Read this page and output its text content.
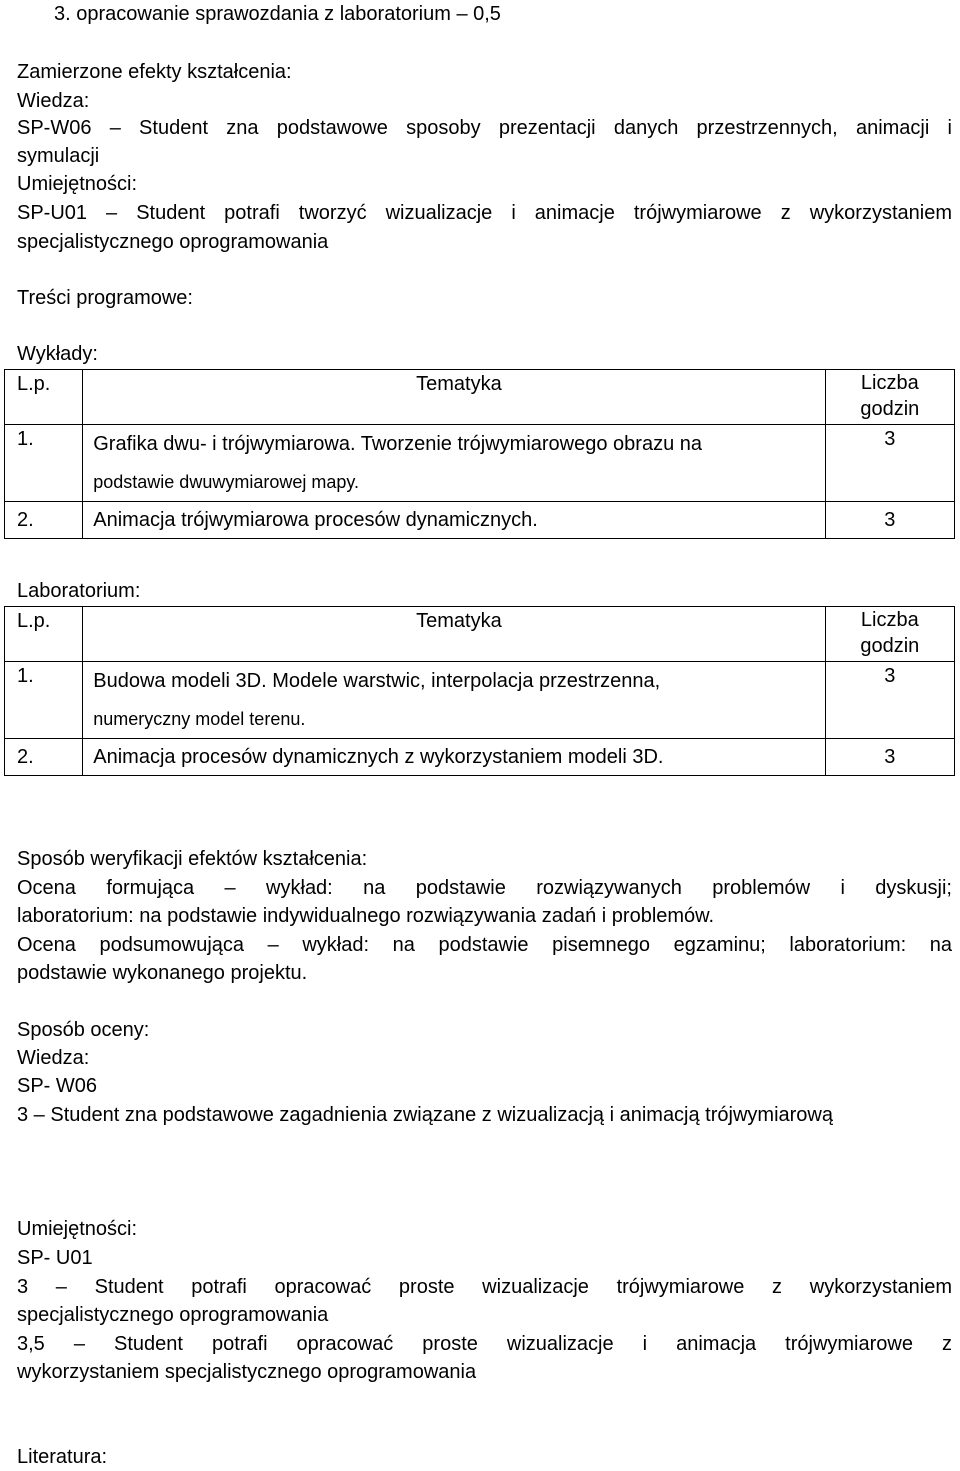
3. opracowanie sprawozdania z laboratorium – 0,5
Zamierzone efekty kształcenia:
Wiedza:
SP-W06 – Student zna podstawowe sposoby prezentacji danych przestrzennych, animacji i
symulacji
Umiejętności:
SP-U01 – Student potrafi tworzyć wizualizacje i animacje trójwymiarowe z wykorzystaniem
specjalistycznego oprogramowania
Treści programowe:
Wykłady:
L.p.	Tematyka	Liczba
godzin
1.	Grafika dwu- i trójwymiarowa. Tworzenie trójwymiarowego obrazu na
podstawie dwuwymiarowej mapy.	3
2.	Animacja trójwymiarowa procesów dynamicznych.	3
Laboratorium:
L.p.	Tematyka	Liczba
godzin
1.	Budowa modeli 3D. Modele warstwic, interpolacja przestrzenna,
numeryczny model terenu.	3
2.	Animacja procesów dynamicznych z wykorzystaniem modeli 3D.	3
Sposób weryfikacji efektów kształcenia:
Ocena formująca – wykład: na podstawie rozwiązywanych problemów i dyskusji;
laboratorium: na podstawie indywidualnego rozwiązywania zadań i problemów.
Ocena podsumowująca – wykład: na podstawie pisemnego egzaminu; laboratorium: na
podstawie wykonanego projektu.
Sposób oceny:
Wiedza:
SP- W06
3 – Student zna podstawowe zagadnienia związane z wizualizacją i animacją trójwymiarową
Umiejętności:
SP- U01
3 – Student potrafi opracować proste wizualizacje trójwymiarowe z wykorzystaniem
specjalistycznego oprogramowania
3,5 – Student potrafi opracować proste wizualizacje i animacja trójwymiarowe z
wykorzystaniem specjalistycznego oprogramowania
Literatura:
